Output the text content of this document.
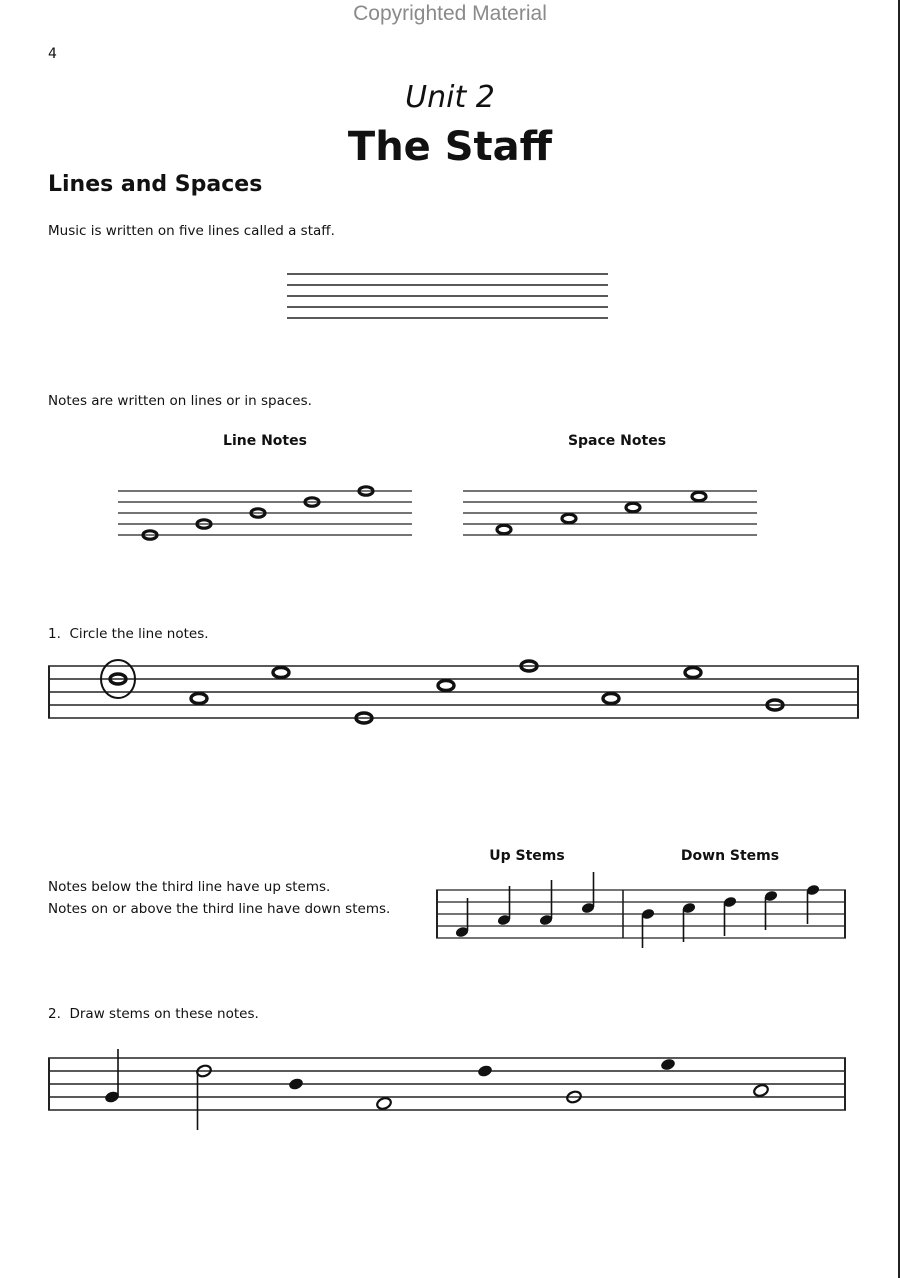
Copyrighted Material
4
Unit 2
The Staff
Lines and Spaces
Music is written on five lines called a staff.
Notes are written on lines or in spaces.
Line Notes	Space Notes
1. Circle the line notes.
Up Stems	Down Stems
Notes below the third line have up stems.
Notes on or above the third line have down stems.
2. Draw stems on these notes.
